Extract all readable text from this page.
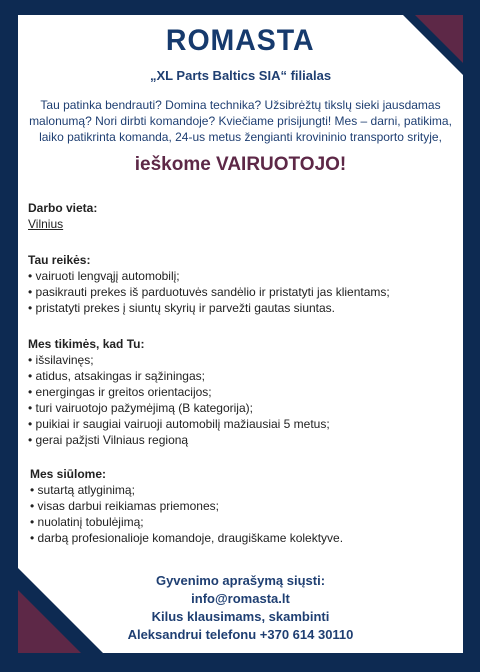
ROMASTA
„XL Parts Baltics SIA“ filialas
Tau patinka bendrauti? Domina technika? Užsibrėžtų tikslų sieki jausdamas malonumą? Nori dirbti komandoje? Kviečiame prisijungti! Mes – darni, patikima, laiko patikrinta komanda, 24-us metus žengianti krovininio transporto srityje,
ieškome VAIRUOTOJO!
Darbo vieta:
Vilnius
Tau reikės:
• vairuoti lengvąjį automobilį;
• pasikrauti prekes iš parduotuvės sandėlio ir pristatyti jas klientams;
• pristatyti prekes į siuntų skyrių ir parvežti gautas siuntas.
Mes tikimės, kad Tu:
• išsilavinęs;
• atidus, atsakingas ir sąžiningas;
• energingas ir greitos orientacijos;
• turi vairuotojo pažymėjimą (B kategorija);
• puikiai ir saugiai vairuoji automobilį mažiausiai 5 metus;
• gerai pažįsti Vilniaus regioną
Mes siūlome:
• sutartą atlyginimą;
• visas darbui reikiamas priemones;
• nuolatinį tobulėjimą;
• darbą profesionalioje komandoje, draugiškame kolektyve.
Gyvenimo aprašymą siųsti:
info@romasta.lt
Kilus klausimams, skambinti
Aleksandrui telefonu +370 614 30110
